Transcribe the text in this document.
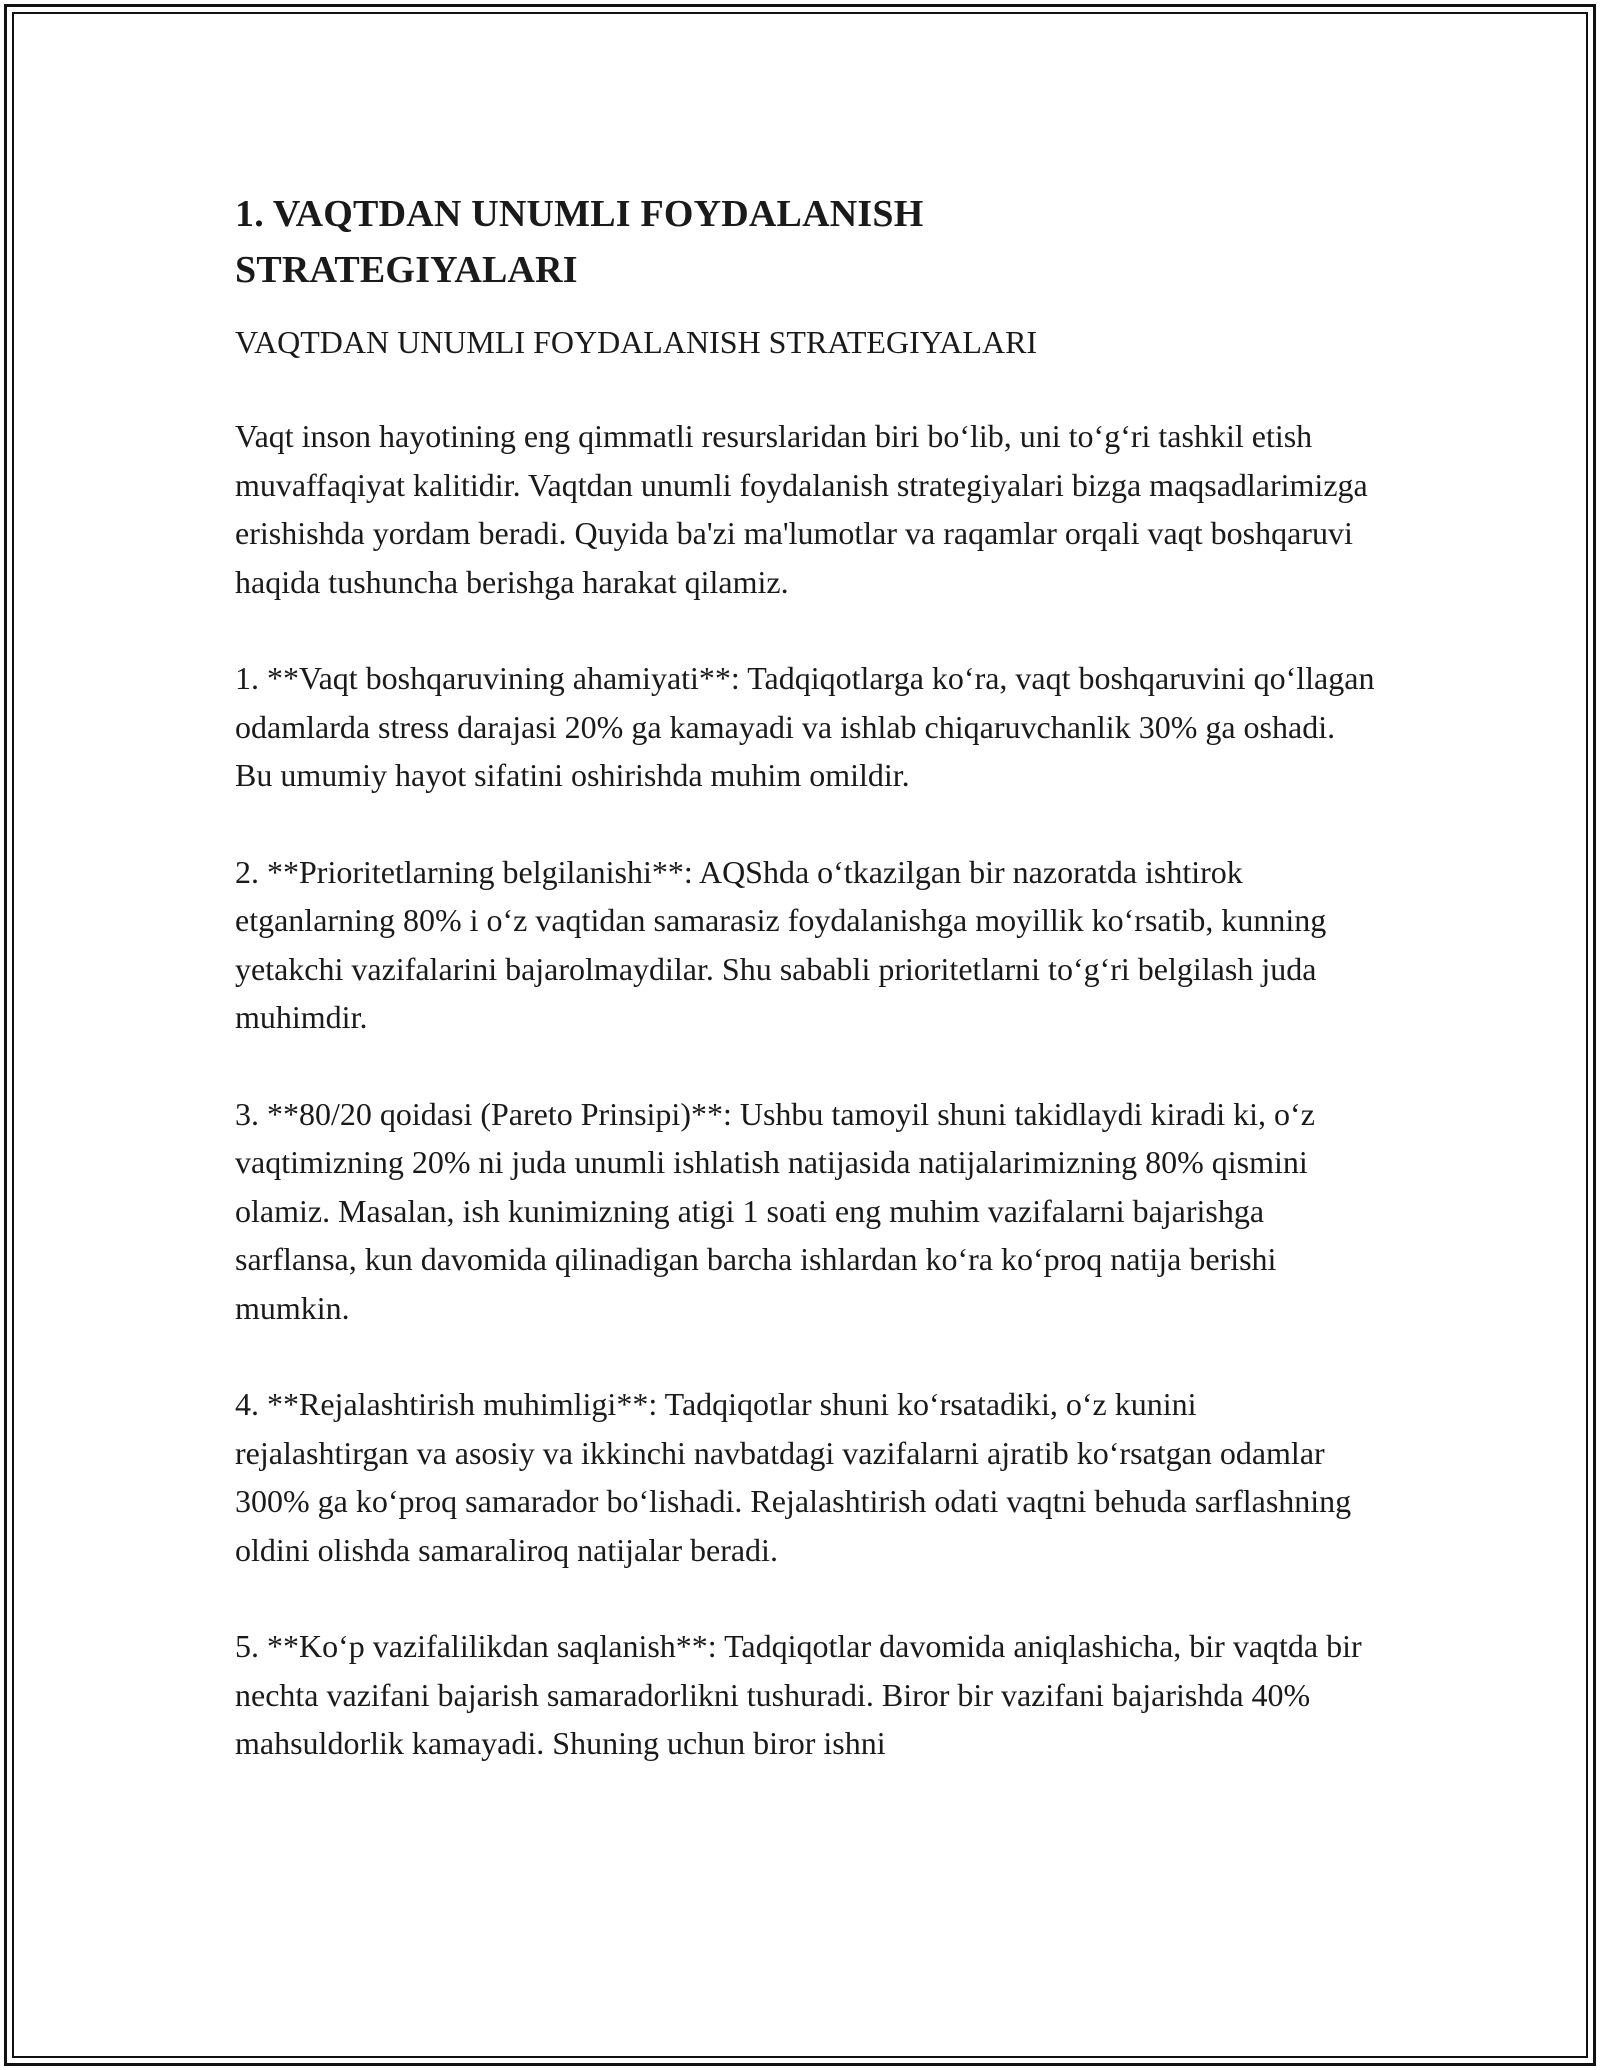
1. VAQTDAN UNUMLI FOYDALANISH STRATEGIYALARI

VAQTDAN UNUMLI FOYDALANISH STRATEGIYALARI

Vaqt inson hayotining eng qimmatli resurslaridan biri bo‘lib, uni to‘g‘ri tashkil etish muvaffaqiyat kalitidir. Vaqtdan unumli foydalanish strategiyalari bizga maqsadlarimizga erishishda yordam beradi. Quyida ba'zi ma'lumotlar va raqamlar orqali vaqt boshqaruvi haqida tushuncha berishga harakat qilamiz.

1. **Vaqt boshqaruvining ahamiyati**: Tadqiqotlarga ko‘ra, vaqt boshqaruvini qo‘llagan odamlarda stress darajasi 20% ga kamayadi va ishlab chiqaruvchanlik 30% ga oshadi. Bu umumiy hayot sifatini oshirishda muhim omildir.

2. **Prioritetlarning belgilanishi**: AQShda o‘tkazilgan bir nazoratda ishtirok etganlarning 80% i o‘z vaqtidan samarasiz foydalanishga moyillik ko‘rsatib, kunning yetakchi vazifalarini bajarolmaydilar. Shu sababli prioritetlarni to‘g‘ri belgilash juda muhimdir.

3. **80/20 qoidasi (Pareto Prinsipi)**: Ushbu tamoyil shuni takidlaydi kiradi ki, o‘z vaqtimizning 20% ni juda unumli ishlatish natijasida natijalarimizning 80% qismini olamiz. Masalan, ish kunimizning atigi 1 soati eng muhim vazifalarni bajarishga sarflansa, kun davomida qilinadigan barcha ishlardan ko‘ra ko‘proq natija berishi mumkin.

4. **Rejalashtirish muhimligi**: Tadqiqotlar shuni ko‘rsatadiki, o‘z kunini rejalashtirgan va asosiy va ikkinchi navbatdagi vazifalarni ajratib ko‘rsatgan odamlar 300% ga ko‘proq samarador bo‘lishadi. Rejalashtirish odati vaqtni behuda sarflashning oldini olishda samaraliroq natijalar beradi.

5. **Ko‘p vazifalilikdan saqlanish**: Tadqiqotlar davomida aniqlashicha, bir vaqtda bir nechta vazifani bajarish samaradorlikni tushuradi. Biror bir vazifani bajarishda 40% mahsuldorlik kamayadi. Shuning uchun biror ishni
